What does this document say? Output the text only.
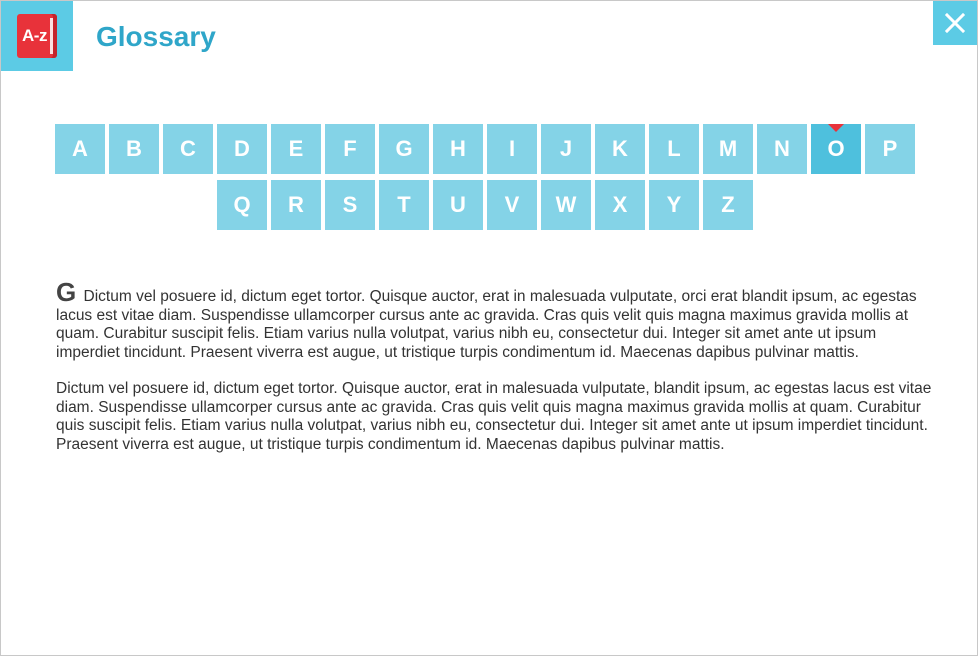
A-z Glossary
A	B	C	D	E	F	G	H	I	J	K	L	M	N	O	P
Q	R	S	T	U	V	W	X	Y	Z

G Dictum vel posuere id, dictum eget tortor. Quisque auctor, erat in malesuada vulputate, orci erat blandit ipsum, ac egestas lacus est vitae diam. Suspendisse ullamcorper cursus ante ac gravida. Cras quis velit quis magna maximus gravida mollis at quam. Curabitur suscipit felis. Etiam varius nulla volutpat, varius nibh eu, consectetur dui. Integer sit amet ante ut ipsum imperdiet tincidunt. Praesent viverra est augue, ut tristique turpis condimentum id. Maecenas dapibus pulvinar mattis.

Dictum vel posuere id, dictum eget tortor. Quisque auctor, erat in malesuada vulputate, blandit ipsum, ac egestas lacus est vitae diam. Suspendisse ullamcorper cursus ante ac gravida. Cras quis velit quis magna maximus gravida mollis at quam. Curabitur quis suscipit felis. Etiam varius nulla volutpat, varius nibh eu, consectetur dui. Integer sit amet ante ut ipsum imperdiet tincidunt. Praesent viverra est augue, ut tristique turpis condimentum id. Maecenas dapibus pulvinar mattis.
